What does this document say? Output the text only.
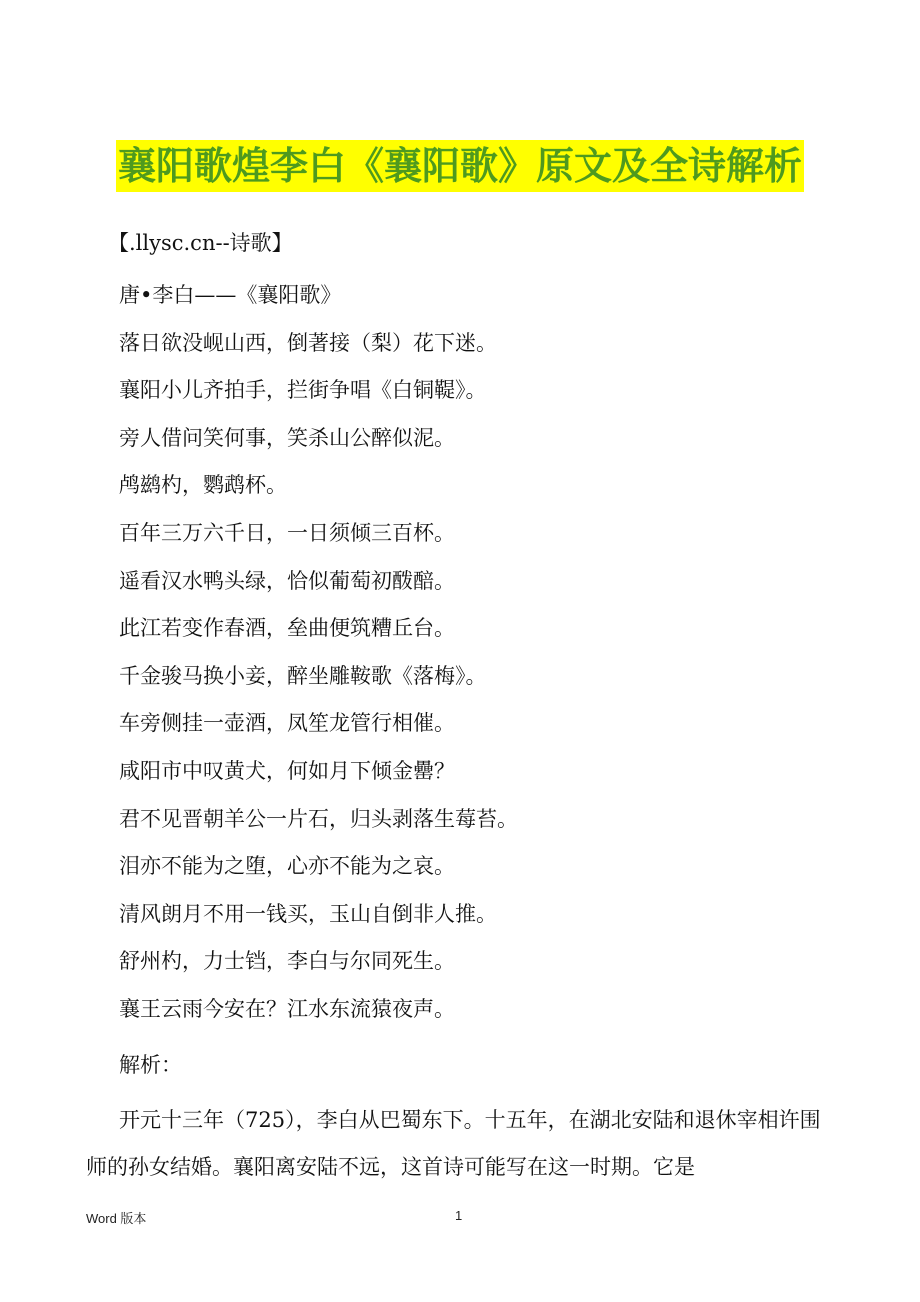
襄阳歌煌李白《襄阳歌》原文及全诗解析
【.llysc.cn--诗歌】
唐•李白——《襄阳歌》
落日欲没岘山西，倒著接（梨）花下迷。
襄阳小儿齐拍手，拦街争唱《白铜鞮》。
旁人借问笑何事，笑杀山公醉似泥。
鸬鹚杓，鹦鹉杯。
百年三万六千日，一日须倾三百杯。
遥看汉水鸭头绿，恰似葡萄初酦醅。
此江若变作春酒，垒曲便筑糟丘台。
千金骏马换小妾，醉坐雕鞍歌《落梅》。
车旁侧挂一壶酒，凤笙龙管行相催。
咸阳市中叹黄犬，何如月下倾金罍？
君不见晋朝羊公一片石，归头剥落生莓苔。
泪亦不能为之堕，心亦不能为之哀。
清风朗月不用一钱买，玉山自倒非人推。
舒州杓，力士铛，李白与尔同死生。
襄王云雨今安在？江水东流猿夜声。
解析：

开元十三年（725），李白从巴蜀东下。十五年，在湖北安陆和退休宰相许围师的孙女结婚。襄阳离安陆不远，这首诗可能写在这一时期。它是

Word 版本	1
